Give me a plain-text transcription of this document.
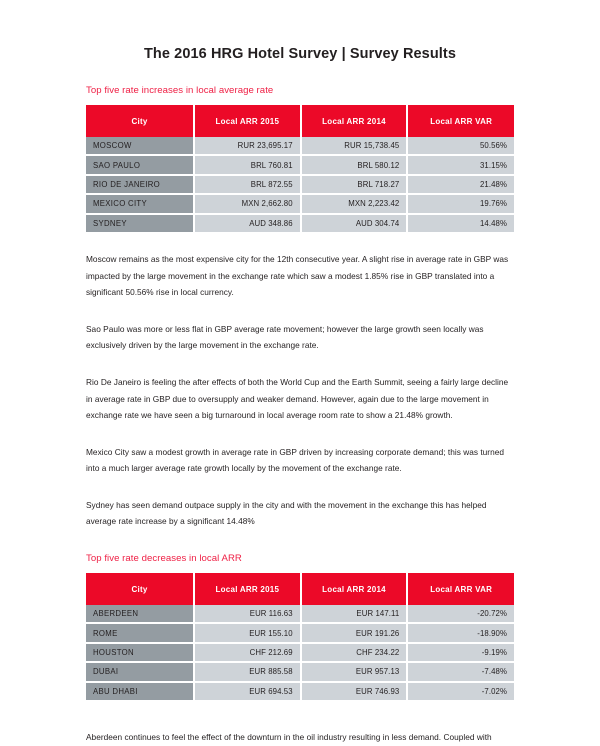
The 2016 HRG Hotel Survey | Survey Results
Top five rate increases in local average rate
City	Local ARR 2015	Local ARR 2014	Local ARR VAR
MOSCOW	RUR 23,695.17	RUR 15,738.45	50.56%
SAO PAULO	BRL 760.81	BRL 580.12	31.15%
RIO DE JANEIRO	BRL 872.55	BRL 718.27	21.48%
MEXICO CITY	MXN 2,662.80	MXN 2,223.42	19.76%
SYDNEY	AUD 348.86	AUD 304.74	14.48%

Moscow remains as the most expensive city for the 12th consecutive year. A slight rise in average rate in GBP was impacted by the large movement in the exchange rate which saw a modest 1.85% rise in GBP translated into a significant 50.56% rise in local currency.

Sao Paulo was more or less flat in GBP average rate movement; however the large growth seen locally was exclusively driven by the large movement in the exchange rate.

Rio De Janeiro is feeling the after effects of both the World Cup and the Earth Summit, seeing a fairly large decline in average rate in GBP due to oversupply and weaker demand. However, again due to the large movement in exchange rate we have seen a big turnaround in local average room rate to show a 21.48% growth.

Mexico City saw a modest growth in average rate in GBP driven by increasing corporate demand; this was turned into a much larger average rate growth locally by the movement of the exchange rate.

Sydney has seen demand outpace supply in the city and with the movement in the exchange this has helped average rate increase by a significant 14.48%

Top five rate decreases in local ARR
City	Local ARR 2015	Local ARR 2014	Local ARR VAR
ABERDEEN	EUR 116.63	EUR 147.11	-20.72%
ROME	EUR 155.10	EUR 191.26	-18.90%
HOUSTON	CHF 212.69	CHF 234.22	-9.19%
DUBAI	EUR 885.58	EUR 957.13	-7.48%
ABU DHABI	EUR 694.53	EUR 746.93	-7.02%

Aberdeen continues to feel the effect of the downturn in the oil industry resulting in less demand. Coupled with
